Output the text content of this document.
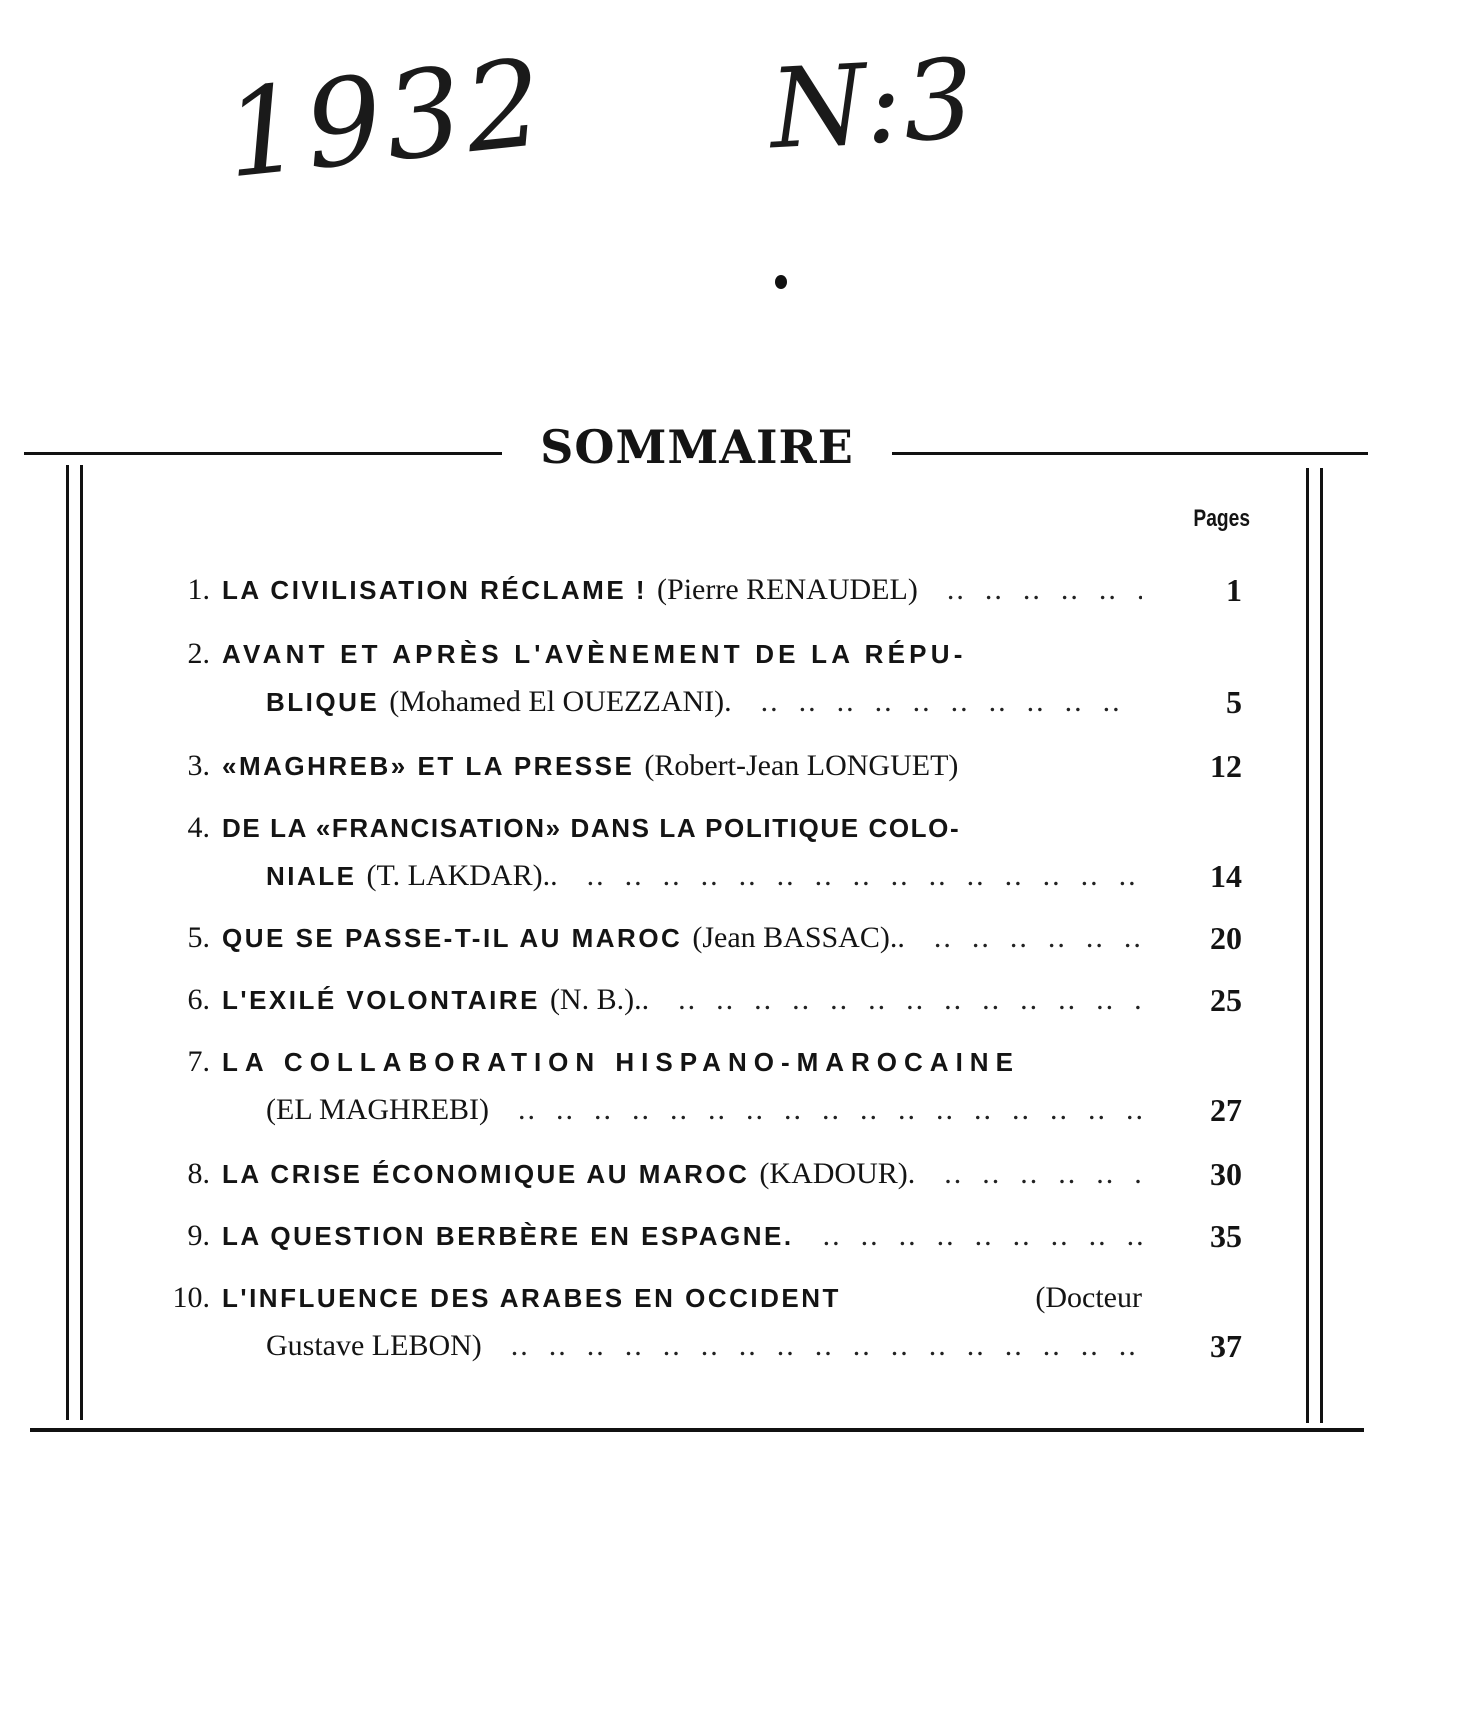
1932 N:3
SOMMAIRE
Pages
1. LA CIVILISATION RÉCLAME ! (Pierre RENAUDEL) .. .	1
2. AVANT ET APRÈS L'AVÈNEMENT DE LA RÉPU-
BLIQUE (Mohamed El OUEZZANI). .. .	5
3. «MAGHREB» ET LA PRESSE (Robert-Jean LONGUET)	12
4. DE LA «FRANCISATION» DANS LA POLITIQUE COLO-
NIALE (T. LAKDAR).. .. .	14
5. QUE SE PASSE-T-IL AU MAROC (Jean BASSAC).. .. .	20
6. L'EXILÉ VOLONTAIRE (N. B.).. .. .	25
7. LA COLLABORATION HISPANO-MAROCAINE
(EL MAGHREBI) .. .	27
8. LA CRISE ÉCONOMIQUE AU MAROC (KADOUR). .. .	30
9. LA QUESTION BERBÈRE EN ESPAGNE. .. .	35
10. L'INFLUENCE DES ARABES EN OCCIDENT	(Docteur
Gustave LEBON) .. .	37
